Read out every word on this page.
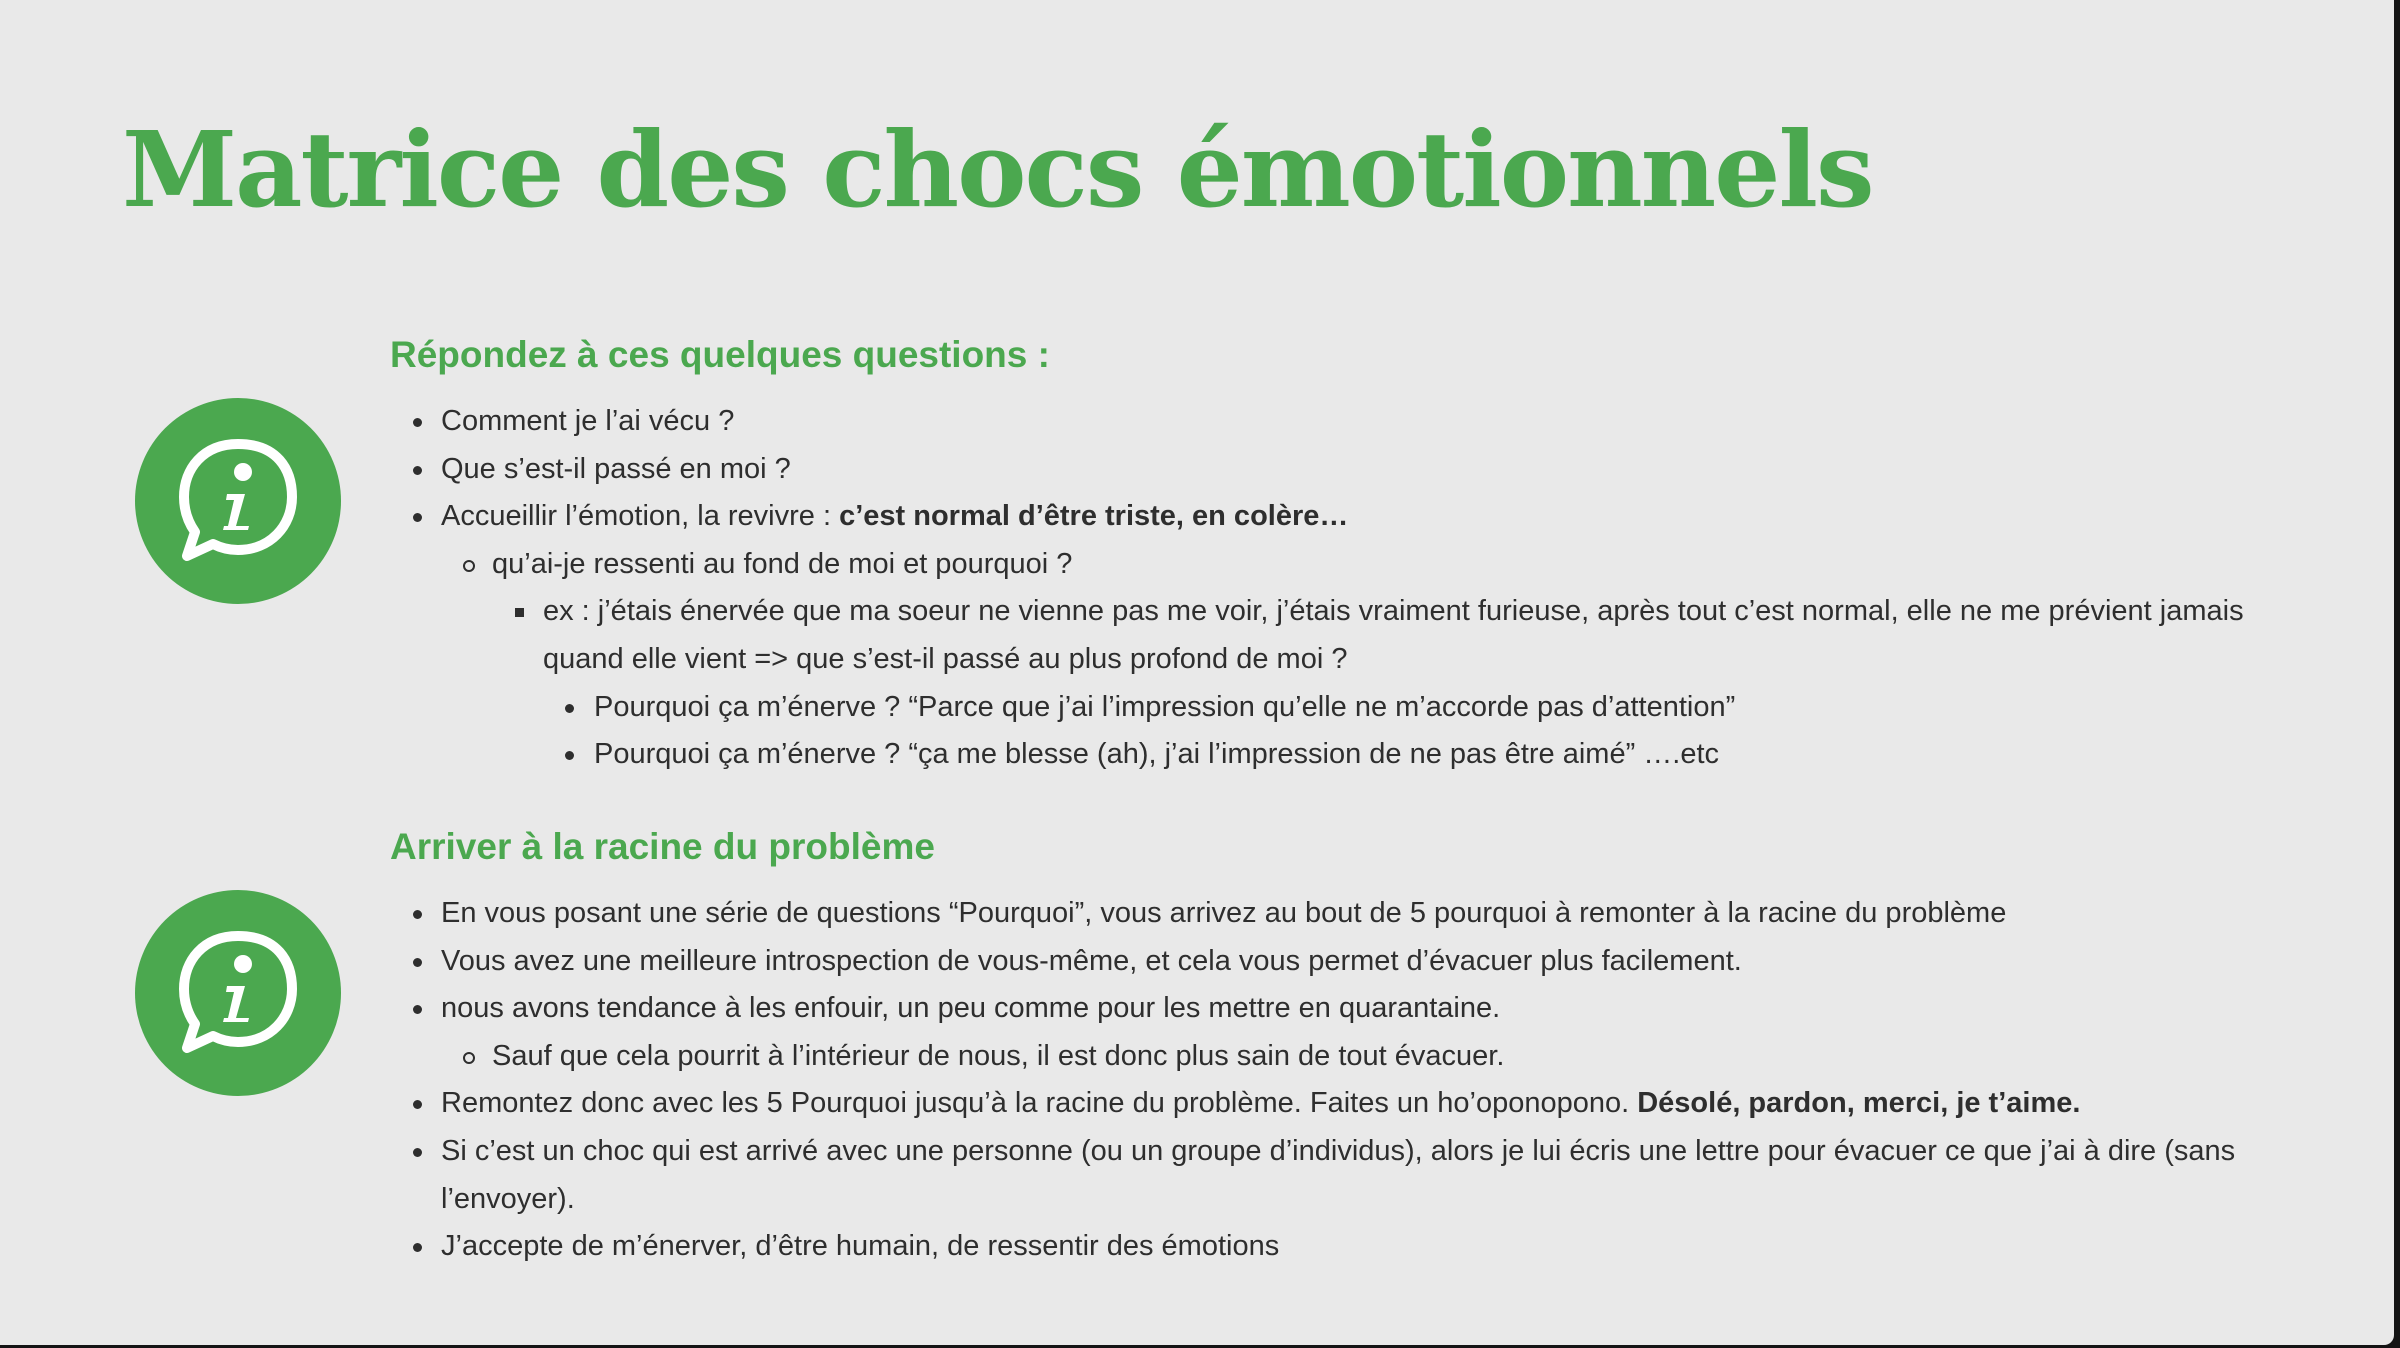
Matrice des chocs émotionnels
Répondez à ces quelques questions :
Comment je l’ai vécu ?
Que s’est-il passé en moi ?
Accueillir l’émotion, la revivre : c’est normal d’être triste, en colère…
qu’ai-je ressenti au fond de moi et pourquoi ?
ex : j’étais énervée que ma soeur ne vienne pas me voir, j’étais vraiment furieuse, après tout c’est normal, elle ne me prévient jamais
quand elle vient => que s’est-il passé au plus profond de moi ?
Pourquoi ça m’énerve ? “Parce que j’ai l’impression qu’elle ne m’accorde pas d’attention”
Pourquoi ça m’énerve ? “ça me blesse (ah), j’ai l’impression de ne pas être aimé” ….etc
Arriver à la racine du problème
En vous posant une série de questions “Pourquoi”, vous arrivez au bout de 5 pourquoi à remonter à la racine du problème
Vous avez une meilleure introspection de vous-même, et cela vous permet d’évacuer plus facilement.
nous avons tendance à les enfouir, un peu comme pour les mettre en quarantaine.
Sauf que cela pourrit à l’intérieur de nous, il est donc plus sain de tout évacuer.
Remontez donc avec les 5 Pourquoi jusqu’à la racine du problème. Faites un ho’oponopono. Désolé, pardon, merci, je t’aime.
Si c’est un choc qui est arrivé avec une personne (ou un groupe d’individus), alors je lui écris une lettre pour évacuer ce que j’ai à dire (sans
l’envoyer).
J’accepte de m’énerver, d’être humain, de ressentir des émotions
